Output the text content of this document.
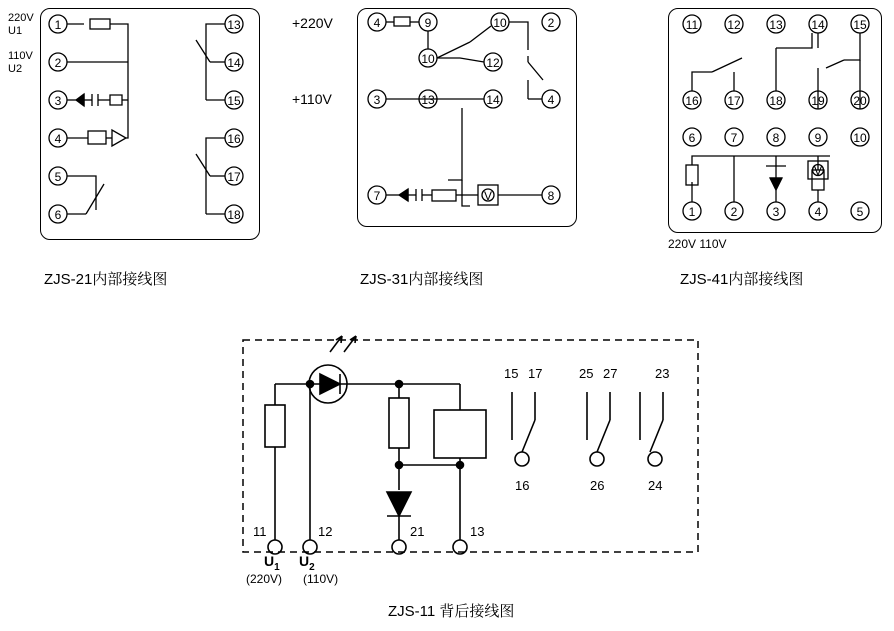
1
2
3
4
5
6
13
14
15
16
17
18
220V
U1
110V
U2
ZJS-21内部接线图
4
3
7
9
10
13
10
12
14
2
4
8
V
+220V
+110V
ZJS-31内部接线图
11 12 13 14 15
16 17 18 19 20
6	7	8	9	10
1	2	3	4	5
V
220V 110V
ZJS-41内部接线图
11	12	21	13
15 17	25 27	23
16	26	24
$U_1$ $U_2$
(220V) (110V)
ZJS-11 背后接线图
